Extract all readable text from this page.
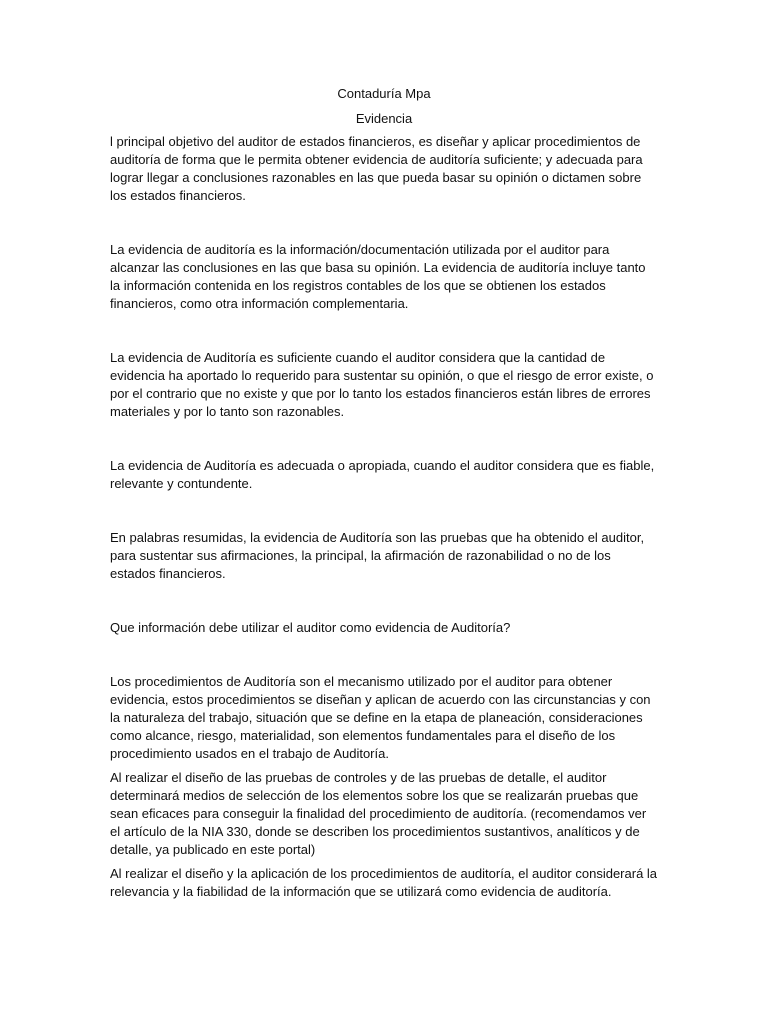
Contaduría Mpa
Evidencia

l principal objetivo del auditor de estados financieros, es diseñar y aplicar procedimientos de auditoría de forma que le permita obtener evidencia de auditoría suficiente; y adecuada para lograr llegar a conclusiones razonables en las que pueda basar su opinión o dictamen sobre los estados financieros.

La evidencia de auditoría es la información/documentación utilizada por el auditor para alcanzar las conclusiones en las que basa su opinión. La evidencia de auditoría incluye tanto la información contenida en los registros contables de los que se obtienen los estados financieros, como otra información complementaria.

La evidencia de Auditoría es suficiente cuando el auditor considera que la cantidad de evidencia ha aportado lo requerido para sustentar su opinión, o que el riesgo de error existe, o por el contrario que no existe y que por lo tanto los estados financieros están libres de errores materiales y por lo tanto son razonables.

La evidencia de Auditoría es adecuada o apropiada, cuando el auditor considera que es fiable, relevante y contundente.

En palabras resumidas, la evidencia de Auditoría son las pruebas que ha obtenido el auditor, para sustentar sus afirmaciones, la principal, la afirmación de razonabilidad o no de los estados financieros.

Que información debe utilizar el auditor como evidencia de Auditoría?

Los procedimientos de Auditoría son el mecanismo utilizado por el auditor para obtener evidencia, estos procedimientos se diseñan y aplican de acuerdo con las circunstancias y con la naturaleza del trabajo, situación que se define en la etapa de planeación, consideraciones como alcance, riesgo, materialidad, son elementos fundamentales para el diseño de los procedimiento usados en el trabajo de Auditoría.

Al realizar el diseño de las pruebas de controles y de las pruebas de detalle, el auditor determinará medios de selección de los elementos sobre los que se realizarán pruebas que sean eficaces para conseguir la finalidad del procedimiento de auditoría. (recomendamos ver el artículo de la NIA 330, donde se describen los procedimientos sustantivos, analíticos y de detalle, ya publicado en este portal)

Al realizar el diseño y la aplicación de los procedimientos de auditoría, el auditor considerará la relevancia y la fiabilidad de la información que se utilizará como evidencia de auditoría.
